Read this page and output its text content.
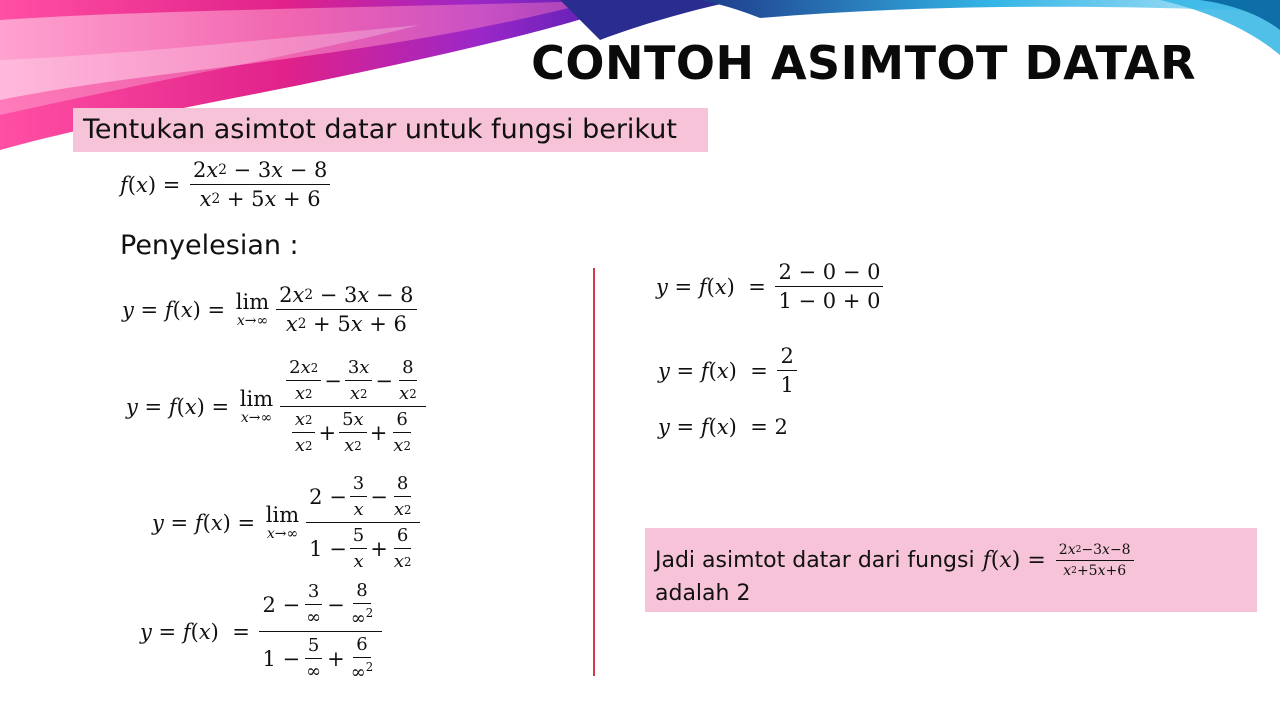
CONTOH ASIMTOT DATAR
Tentukan asimtot datar untuk fungsi berikut
f ( x ) = $\frac{2 x 2 - 3 x - 8}{x 2 + 5 x + 6}$
Penyelesian :
y = f ( x ) = lim
$x\to\infty \frac{2 x 2 - 3 x - 8}{x 2 + 5 x + 6}$
y = f ( x ) = lim
$x\to\infty \frac{\frac{2 x 2}{x 2} - \frac{3 x}{x 2} - \frac{8}{x 2}}{\frac{x 2}{x 2} + \frac{5 x}{x 2} + \frac{6}{x 2}}$
y = f ( x ) = lim
$x\to\infty \frac{2 - \frac{3}{x} - \frac{8}{x 2}}{1 - \frac{5}{x} + \frac{6}{x 2}}$
y = f ( x )  = $\frac{2 - \frac{3}{\infty} - \frac{8}{\infty^2}}{1 - \frac{5}{\infty} + \frac{6}{\infty^2}}$
y = f ( x )  = $\frac{2 - 0 - 0}{1 - 0 + 0}$
y = f ( x )  = $\frac{2}{1}$
y = f ( x )  = 2
Jadi asimtot datar dari fungsi f ( x ) = $\frac{2 x 2 -3 x -8}{x 2 +5 x +6}$
adalah 2
